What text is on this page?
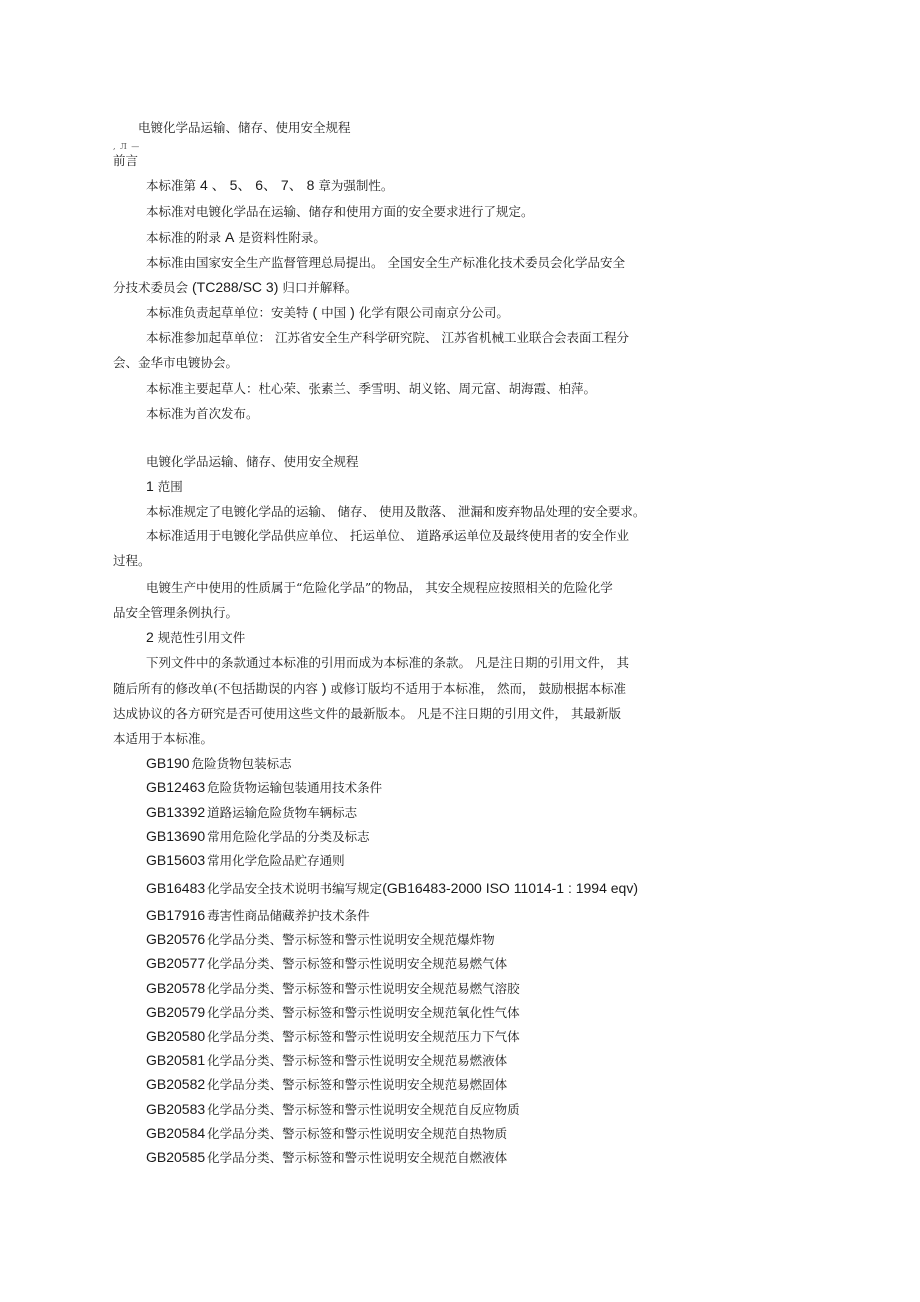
电镀化学品运输、储存、使用安全规程
, Л —
前言
本标准第 4 、 5、 6、 7、 8 章为强制性。
本标准对电镀化学品在运输、储存和使用方面的安全要求进行了规定。
本标准的附录 A 是资料性附录。
本标准由国家安全生产监督管理总局提出。 全国安全生产标准化技术委员会化学品安全
分技术委员会 (TC288/SC 3) 归口并解释。
本标准负责起草单位：安美特 ( 中国 ) 化学有限公司南京分公司。
本标准参加起草单位： 江苏省安全生产科学研究院、 江苏省机械工业联合会表面工程分
会、金华市电镀协会。
本标准主要起草人：杜心荣、张素兰、季雪明、胡义铭、周元富、胡海霞、柏萍。
本标准为首次发布。
电镀化学品运输、储存、使用安全规程
1 范围
本标准规定了电镀化学品的运输、 储存、 使用及散落、 泄漏和废弃物品处理的安全要求。
本标准适用于电镀化学品供应单位、 托运单位、 道路承运单位及最终使用者的安全作业
过程。
电镀生产中使用的性质属于“危险化学品”的物品， 其安全规程应按照相关的危险化学
品安全管理条例执行。
2 规范性引用文件
下列文件中的条款通过本标准的引用而成为本标准的条款。 凡是注日期的引用文件， 其
随后所有的修改单(不包括勘误的内容 ) 或修订版均不适用于本标准， 然而， 鼓励根据本标准
达成协议的各方研究是否可使用这些文件的最新版本。 凡是不注日期的引用文件， 其最新版
本适用于本标准。
GB190 危险货物包装标志
GB12463 危险货物运输包装通用技术条件
GB13392 道路运输危险货物车辆标志
GB13690 常用危险化学品的分类及标志
GB15603 常用化学危险品贮存通则
GB16483 化学品安全技术说明书编写规定(GB16483-2000 ISO 11014-1 : 1994 eqv)
GB17916 毒害性商品储藏养护技术条件
GB20576 化学品分类、警示标签和警示性说明安全规范爆炸物
GB20577 化学品分类、警示标签和警示性说明安全规范易燃气体
GB20578 化学品分类、警示标签和警示性说明安全规范易燃气溶胶
GB20579 化学品分类、警示标签和警示性说明安全规范氧化性气体
GB20580 化学品分类、警示标签和警示性说明安全规范压力下气体
GB20581 化学品分类、警示标签和警示性说明安全规范易燃液体
GB20582 化学品分类、警示标签和警示性说明安全规范易燃固体
GB20583 化学品分类、警示标签和警示性说明安全规范自反应物质
GB20584 化学品分类、警示标签和警示性说明安全规范自热物质
GB20585 化学品分类、警示标签和警示性说明安全规范自燃液体
